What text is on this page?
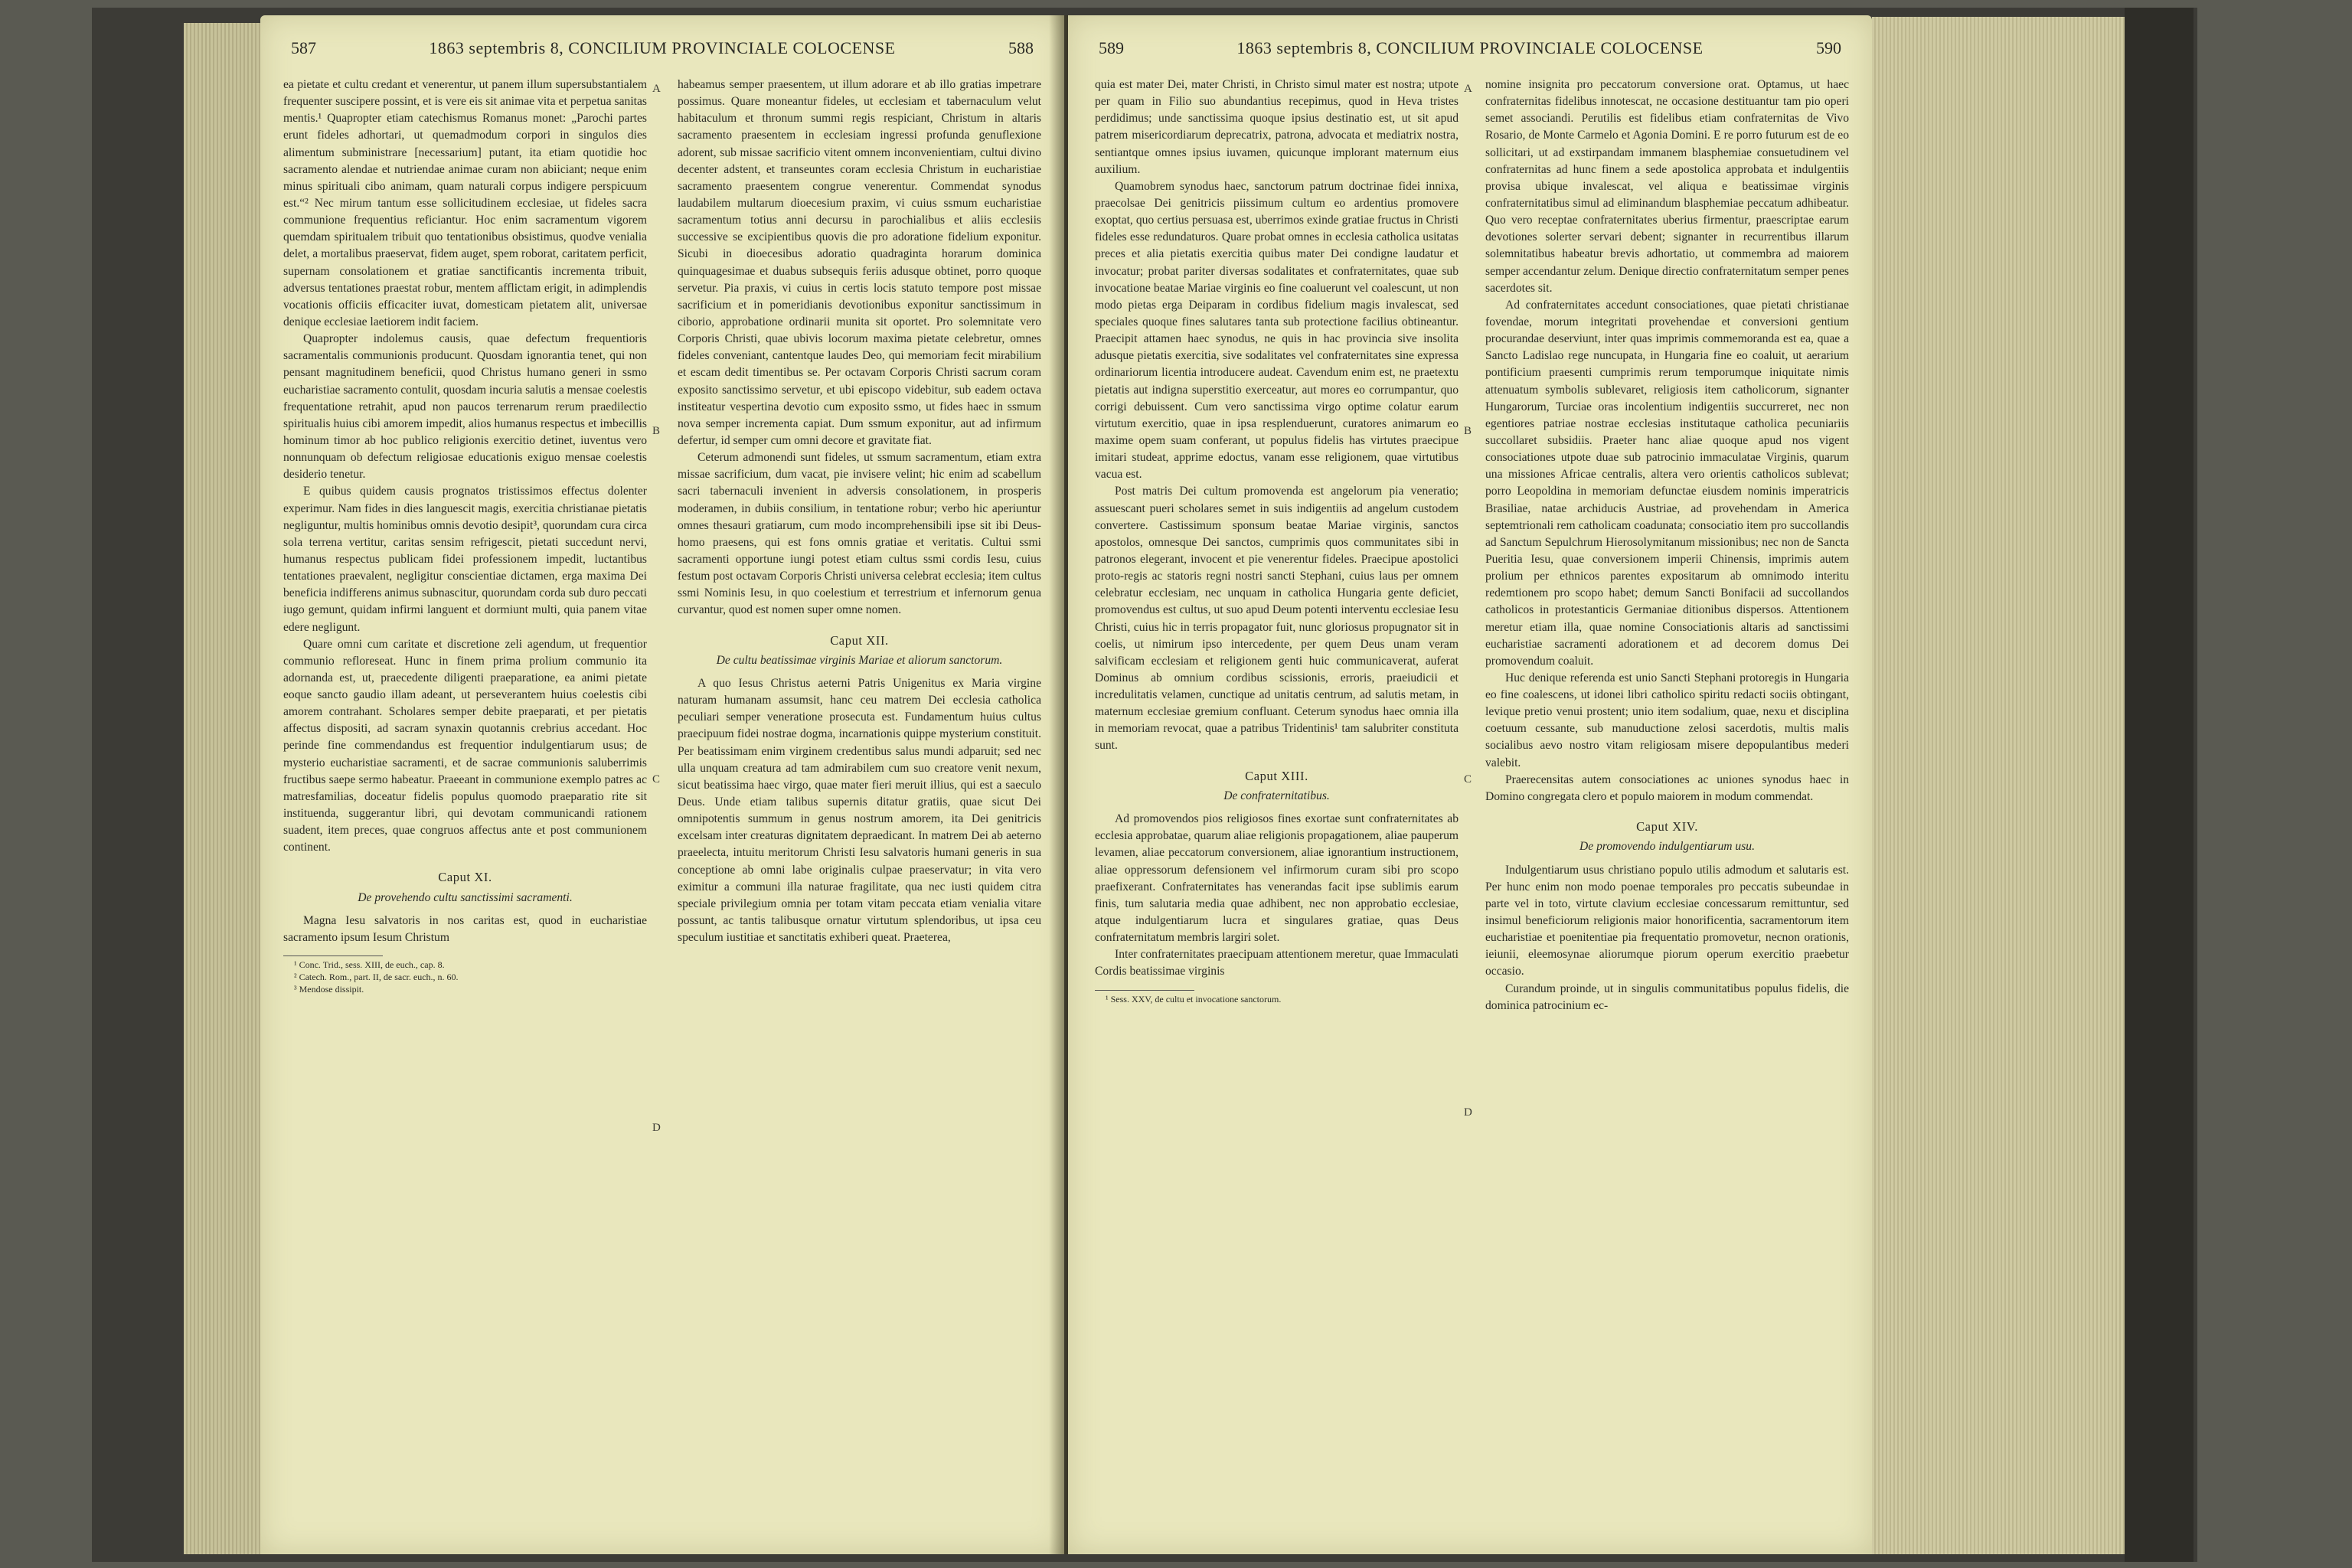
587	1863 septembris 8, CONCILIUM PROVINCIALE COLOCENSE	588

ea pietate et cultu credant et venerentur, ut panem illum supersubstantialem frequenter suscipere possint, et is vere eis sit animae vita et perpetua sanitas mentis.¹ Quapropter etiam catechismus Romanus monet: „Parochi partes erunt fideles adhortari, ut quemadmodum corpori in singulos dies alimentum subministrare [necessarium] putant, ita etiam quotidie hoc sacramento alendae et nutriendae animae curam non abiiciant; neque enim minus spirituali cibo animam, quam naturali corpus indigere perspicuum est.“² Nec mirum tantum esse sollicitudinem ecclesiae, ut fideles sacra communione frequentius reficiantur. Hoc enim sacramentum vigorem quemdam spiritualem tribuit quo tentationibus obsistimus, quodve venialia delet, a mortalibus praeservat, fidem auget, spem roborat, caritatem perficit, supernam consolationem et gratiae sanctificantis incrementa tribuit, adversus tentationes praestat robur, mentem afflictam erigit, in adimplendis vocationis officiis efficaciter iuvat, domesticam pietatem alit, universae denique ecclesiae laetiorem indit faciem.

Quapropter indolemus causis, quae defectum frequentioris sacramentalis communionis producunt. Quosdam ignorantia tenet, qui non pensant magnitudinem beneficii, quod Christus humano generi in ssmo eucharistiae sacramento contulit, quosdam incuria salutis a mensae coelestis frequentatione retrahit, apud non paucos terrenarum rerum praedilectio spiritualis huius cibi amorem impedit, alios humanus respectus et imbecillis hominum timor ab hoc publico religionis exercitio detinet, iuventus vero nonnunquam ob defectum religiosae educationis exiguo mensae coelestis desiderio tenetur.

E quibus quidem causis prognatos tristissimos effectus dolenter experimur. Nam fides in dies languescit magis, exercitia christianae pietatis negliguntur, multis hominibus omnis devotio desipit³, quorundam cura circa sola terrena vertitur, caritas sensim refrigescit, pietati succedunt nervi, humanus respectus publicam fidei professionem impedit, luctantibus tentationes praevalent, negligitur conscientiae dictamen, erga maxima Dei beneficia indifferens animus subnascitur, quorundam corda sub duro peccati iugo gemunt, quidam infirmi languent et dormiunt multi, quia panem vitae edere negligunt.

Quare omni cum caritate et discretione zeli agendum, ut frequentior communio refloreseat. Hunc in finem prima prolium communio ita adornanda est, ut, praecedente diligenti praeparatione, ea animi pietate eoque sancto gaudio illam adeant, ut perseverantem huius coelestis cibi amorem contrahant. Scholares semper debite praeparati, et per pietatis affectus dispositi, ad sacram synaxin quotannis crebrius accedant. Hoc perinde fine commendandus est frequentior indulgentiarum usus; de mysterio eucharistiae sacramenti, et de sacrae communionis saluberrimis fructibus saepe sermo habeatur. Praeeant in communione exemplo patres ac matresfamilias, doceatur fidelis populus quomodo praeparatio rite sit instituenda, suggerantur libri, qui devotam communicandi rationem suadent, item preces, quae congruos affectus ante et post communionem continent.

Caput XI.
De provehendo cultu sanctissimi sacramenti.

Magna Iesu salvatoris in nos caritas est, quod in eucharistiae sacramento ipsum Iesum Christum

¹ Conc. Trid., sess. XIII, de euch., cap. 8.
² Catech. Rom., part. II, de sacr. euch., n. 60.
³ Mendose dissipit.
A
B
C
D

habeamus semper praesentem, ut illum adorare et ab illo gratias impetrare possimus. Quare moneantur fideles, ut ecclesiam et tabernaculum velut habitaculum et thronum summi regis respiciant, Christum in altaris sacramento praesentem in ecclesiam ingressi profunda genuflexione adorent, sub missae sacrificio vitent omnem inconvenientiam, cultui divino decenter adstent, et transeuntes coram ecclesia Christum in eucharistiae sacramento praesentem congrue venerentur. Commendat synodus laudabilem multarum dioecesium praxim, vi cuius ssmum eucharistiae sacramentum totius anni decursu in parochialibus et aliis ecclesiis successive se excipientibus quovis die pro adoratione fidelium exponitur. Sicubi in dioecesibus adoratio quadraginta horarum dominica quinquagesimae et duabus subsequis feriis adusque obtinet, porro quoque servetur. Pia praxis, vi cuius in certis locis statuto tempore post missae sacrificium et in pomeridianis devotionibus exponitur sanctissimum in ciborio, approbatione ordinarii munita sit oportet. Pro solemnitate vero Corporis Christi, quae ubivis locorum maxima pietate celebretur, omnes fideles conveniant, cantentque laudes Deo, qui memoriam fecit mirabilium et escam dedit timentibus se. Per octavam Corporis Christi sacrum coram exposito sanctissimo servetur, et ubi episcopo videbitur, sub eadem octava institeatur vespertina devotio cum exposito ssmo, ut fides haec in ssmum nova semper incrementa capiat. Dum ssmum exponitur, aut ad infirmum defertur, id semper cum omni decore et gravitate fiat.

Ceterum admonendi sunt fideles, ut ssmum sacramentum, etiam extra missae sacrificium, dum vacat, pie invisere velint; hic enim ad scabellum sacri tabernaculi invenient in adversis consolationem, in prosperis moderamen, in dubiis consilium, in tentatione robur; verbo hic aperiuntur omnes thesauri gratiarum, cum modo incomprehensibili ipse sit ibi Deus-homo praesens, qui est fons omnis gratiae et veritatis. Cultui ssmi sacramenti opportune iungi potest etiam cultus ssmi cordis Iesu, cuius festum post octavam Corporis Christi universa celebrat ecclesia; item cultus ssmi Nominis Iesu, in quo coelestium et terrestrium et infernorum genua curvantur, quod est nomen super omne nomen.

Caput XII.
De cultu beatissimae virginis Mariae et aliorum sanctorum.

A quo Iesus Christus aeterni Patris Unigenitus ex Maria virgine naturam humanam assumsit, hanc ceu matrem Dei ecclesia catholica peculiari semper veneratione prosecuta est. Fundamentum huius cultus praecipuum fidei nostrae dogma, incarnationis quippe mysterium constituit. Per beatissimam enim virginem credentibus salus mundi adparuit; sed nec ulla unquam creatura ad tam admirabilem cum suo creatore venit nexum, sicut beatissima haec virgo, quae mater fieri meruit illius, qui est a saeculo Deus. Unde etiam talibus supernis ditatur gratiis, quae sicut Dei omnipotentis summum in genus nostrum amorem, ita Dei genitricis excelsam inter creaturas dignitatem depraedicant. In matrem Dei ab aeterno praeelecta, intuitu meritorum Christi Iesu salvatoris humani generis in sua conceptione ab omni labe originalis culpae praeservatur; in vita vero eximitur a communi illa naturae fragilitate, qua nec iusti quidem citra speciale privilegium omnia per totam vitam peccata etiam venialia vitare possunt, ac tantis talibusque ornatur virtutum splendoribus, ut ipsa ceu speculum iustitiae et sanctitatis exhiberi queat. Praeterea,

589	1863 septembris 8, CONCILIUM PROVINCIALE COLOCENSE	590

quia est mater Dei, mater Christi, in Christo simul mater est nostra; utpote per quam in Filio suo abundantius recepimus, quod in Heva tristes perdidimus; unde sanctissima quoque ipsius destinatio est, ut sit apud patrem misericordiarum deprecatrix, patrona, advocata et mediatrix nostra, sentiantque omnes ipsius iuvamen, quicunque implorant maternum eius auxilium.

Quamobrem synodus haec, sanctorum patrum doctrinae fidei innixa, praecolsae Dei genitricis piissimum cultum eo ardentius promovere exoptat, quo certius persuasa est, uberrimos exinde gratiae fructus in Christi fideles esse redundaturos. Quare probat omnes in ecclesia catholica usitatas preces et alia pietatis exercitia quibus mater Dei condigne laudatur et invocatur; probat pariter diversas sodalitates et confraternitates, quae sub invocatione beatae Mariae virginis eo fine coaluerunt vel coalescunt, ut non modo pietas erga Deiparam in cordibus fidelium magis invalescat, sed speciales quoque fines salutares tanta sub protectione facilius obtineantur. Praecipit attamen haec synodus, ne quis in hac provincia sive insolita adusque pietatis exercitia, sive sodalitates vel confraternitates sine expressa ordinariorum licentia introducere audeat. Cavendum enim est, ne praetextu pietatis aut indigna superstitio exerceatur, aut mores eo corrumpantur, quo corrigi debuissent. Cum vero sanctissima virgo optime colatur earum virtutum exercitio, quae in ipsa resplenduerunt, curatores animarum eo maxime opem suam conferant, ut populus fidelis has virtutes praecipue imitari studeat, apprime edoctus, vanam esse religionem, quae virtutibus vacua est.

Post matris Dei cultum promovenda est angelorum pia veneratio; assuescant pueri scholares semet in suis indigentiis ad angelum custodem convertere. Castissimum sponsum beatae Mariae virginis, sanctos apostolos, omnesque Dei sanctos, cumprimis quos communitates sibi in patronos elegerant, invocent et pie venerentur fideles. Praecipue apostolici proto-regis ac statoris regni nostri sancti Stephani, cuius laus per omnem celebratur ecclesiam, nec unquam in catholica Hungaria gente deficiet, promovendus est cultus, ut suo apud Deum potenti interventu ecclesiae Iesu Christi, cuius hic in terris propagator fuit, nunc gloriosus propugnator sit in coelis, ut nimirum ipso intercedente, per quem Deus unam veram salvificam ecclesiam et religionem genti huic communicaverat, auferat Dominus ab omnium cordibus scissionis, erroris, praeiudicii et incredulitatis velamen, cunctique ad unitatis centrum, ad salutis metam, in maternum ecclesiae gremium confluant. Ceterum synodus haec omnia illa in memoriam revocat, quae a patribus Tridentinis¹ tam salubriter constituta sunt.

Caput XIII.
De confraternitatibus.

Ad promovendos pios religiosos fines exortae sunt confraternitates ab ecclesia approbatae, quarum aliae religionis propagationem, aliae pauperum levamen, aliae peccatorum conversionem, aliae ignorantium instructionem, aliae oppressorum defensionem vel infirmorum curam sibi pro scopo praefixerant. Confraternitates has venerandas facit ipse sublimis earum finis, tum salutaria media quae adhibent, nec non approbatio ecclesiae, atque indulgentiarum lucra et singulares gratiae, quas Deus confraternitatum membris largiri solet.

Inter confraternitates praecipuam attentionem meretur, quae Immaculati Cordis beatissimae virginis

¹ Sess. XXV, de cultu et invocatione sanctorum.
A
B
C
D

nomine insignita pro peccatorum conversione orat. Optamus, ut haec confraternitas fidelibus innotescat, ne occasione destituantur tam pio operi semet associandi. Perutilis est fidelibus etiam confraternitas de Vivo Rosario, de Monte Carmelo et Agonia Domini. E re porro futurum est de eo sollicitari, ut ad exstirpandam immanem blasphemiae consuetudinem vel confraternitas ad hunc finem a sede apostolica approbata et indulgentiis provisa ubique invalescat, vel aliqua e beatissimae virginis confraternitatibus simul ad eliminandum blasphemiae peccatum adhibeatur. Quo vero receptae confraternitates uberius firmentur, praescriptae earum devotiones solerter servari debent; signanter in recurrentibus illarum solemnitatibus habeatur brevis adhortatio, ut commembra ad maiorem semper accendantur zelum. Denique directio confraternitatum semper penes sacerdotes sit.

Ad confraternitates accedunt consociationes, quae pietati christianae fovendae, morum integritati provehendae et conversioni gentium procurandae deserviunt, inter quas imprimis commemoranda est ea, quae a Sancto Ladislao rege nuncupata, in Hungaria fine eo coaluit, ut aerarium pontificium praesenti cumprimis rerum temporumque iniquitate nimis attenuatum symbolis sublevaret, religiosis item catholicorum, signanter Hungarorum, Turciae oras incolentium indigentiis succurreret, nec non egentiores patriae nostrae ecclesias institutaque catholica pecuniariis succollaret subsidiis. Praeter hanc aliae quoque apud nos vigent consociationes utpote duae sub patrocinio immaculatae Virginis, quarum una missiones Africae centralis, altera vero orientis catholicos sublevat; porro Leopoldina in memoriam defunctae eiusdem nominis imperatricis Brasiliae, natae archiducis Austriae, ad provehendam in America septemtrionali rem catholicam coadunata; consociatio item pro succollandis ad Sanctum Sepulchrum Hierosolymitanum missionibus; nec non de Sancta Pueritia Iesu, quae conversionem imperii Chinensis, imprimis autem prolium per ethnicos parentes expositarum ab omnimodo interitu redemtionem pro scopo habet; demum Sancti Bonifacii ad succollandos catholicos in protestanticis Germaniae ditionibus dispersos. Attentionem meretur etiam illa, quae nomine Consociationis altaris ad sanctissimi eucharistiae sacramenti adorationem et ad decorem domus Dei promovendum coaluit.

Huc denique referenda est unio Sancti Stephani protoregis in Hungaria eo fine coalescens, ut idonei libri catholico spiritu redacti sociis obtingant, levique pretio venui prostent; unio item sodalium, quae, nexu et disciplina coetuum cessante, sub manuductione zelosi sacerdotis, multis malis socialibus aevo nostro vitam religiosam misere depopulantibus mederi valebit.

Praerecensitas autem consociationes ac uniones synodus haec in Domino congregata clero et populo maiorem in modum commendat.

Caput XIV.
De promovendo indulgentiarum usu.

Indulgentiarum usus christiano populo utilis admodum et salutaris est. Per hunc enim non modo poenae temporales pro peccatis subeundae in parte vel in toto, virtute clavium ecclesiae concessarum remittuntur, sed insimul beneficiorum religionis maior honorificentia, sacramentorum item eucharistiae et poenitentiae pia frequentatio promovetur, necnon orationis, ieiunii, eleemosynae aliorumque piorum operum exercitio praebetur occasio.

Curandum proinde, ut in singulis communitatibus populus fidelis, die dominica patrocinium ec-
